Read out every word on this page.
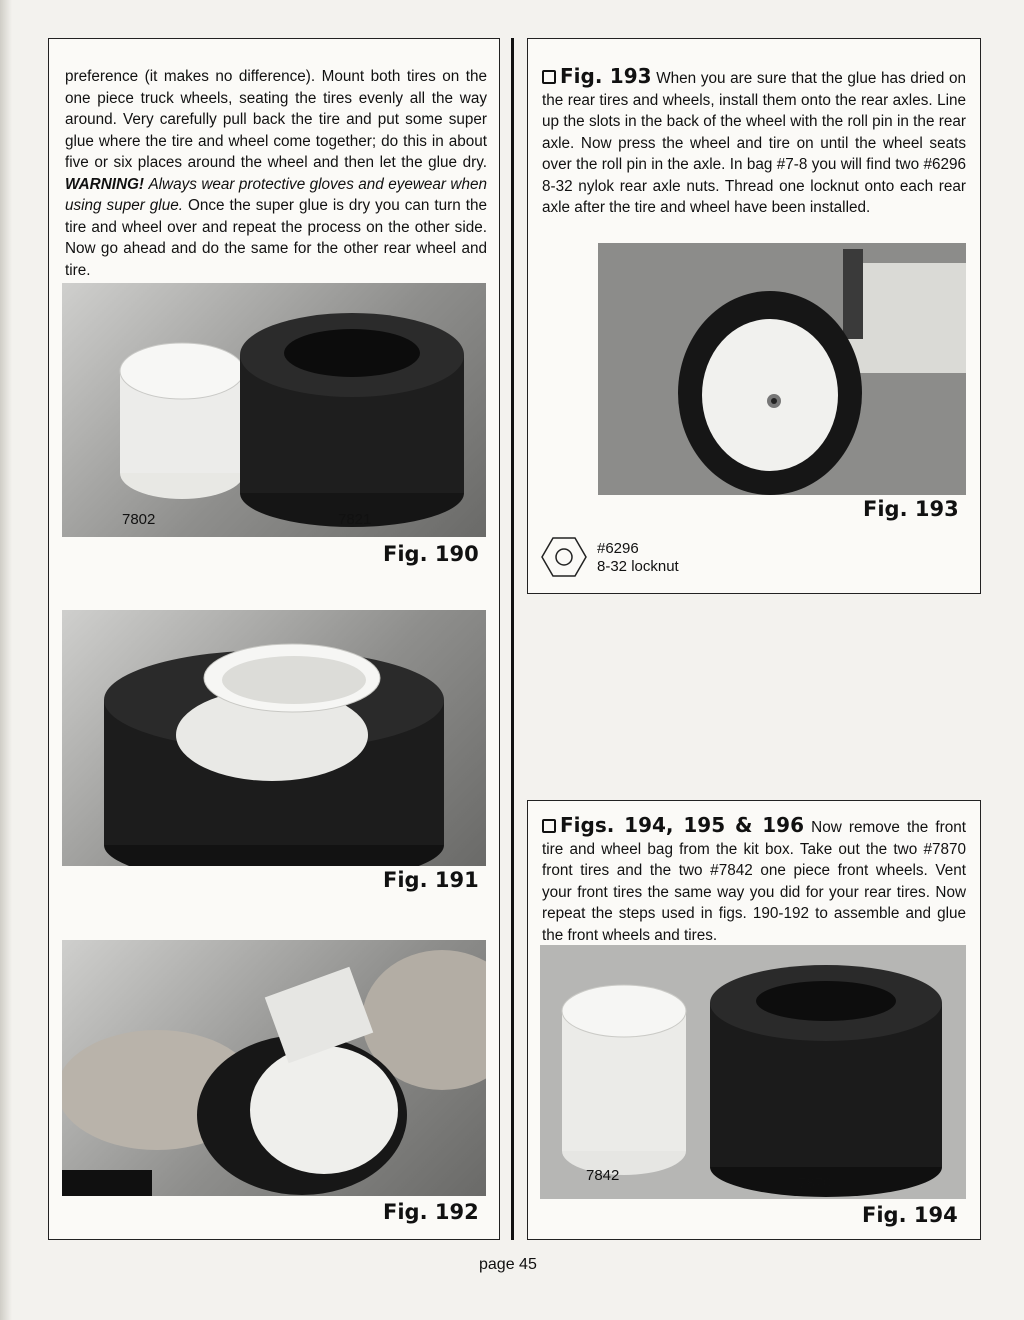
preference (it makes no difference). Mount both tires on the one piece truck wheels, seating the tires evenly all the way around. Very carefully pull back the tire and put some super glue where the tire and wheel come together; do this in about five or six places around the wheel and then let the glue dry. WARNING! Always wear protective gloves and eyewear when using super glue. Once the super glue is dry you can turn the tire and wheel over and repeat the process on the other side. Now go ahead and do the same for the other rear wheel and tire.
7802	7821
Fig. 190
Fig. 191
Fig. 192
Fig. 193 When you are sure that the glue has dried on the rear tires and wheels, install them onto the rear axles. Line up the slots in the back of the wheel with the roll pin in the rear axle. Now press the wheel and tire on until the wheel seats over the roll pin in the axle. In bag #7-8 you will find two #6296 8-32 nylok rear axle nuts. Thread one locknut onto each rear axle after the tire and wheel have been installed.
Fig. 193
#6296
8-32 locknut
Figs. 194, 195 & 196 Now remove the front tire and wheel bag from the kit box. Take out the two #7870 front tires and the two #7842 one piece front wheels. Vent your front tires the same way you did for your rear tires. Now repeat the steps used in figs. 190-192 to assemble and glue the front wheels and tires.
7842	7870
Fig. 194
page 45
